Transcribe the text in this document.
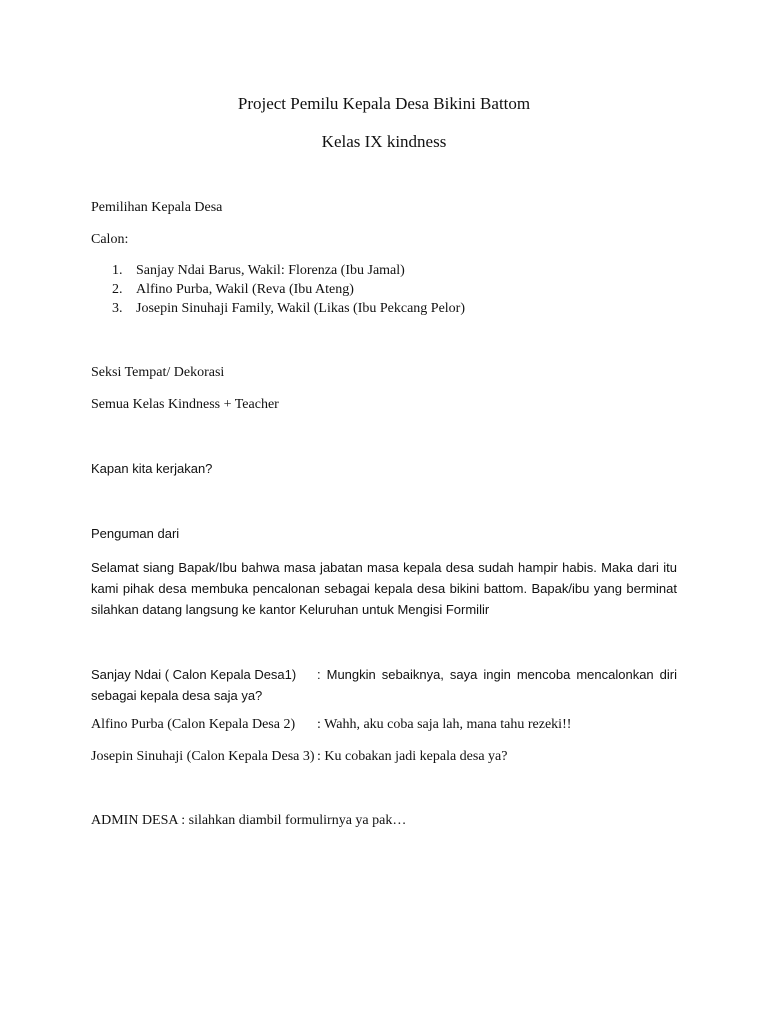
Project Pemilu Kepala Desa Bikini Battom
Kelas IX kindness
Pemilihan Kepala Desa
Calon:
1. Sanjay Ndai Barus, Wakil: Florenza (Ibu Jamal)
2. Alfino Purba, Wakil (Reva (Ibu Ateng)
3. Josepin Sinuhaji Family, Wakil (Likas (Ibu Pekcang Pelor)
Seksi Tempat/ Dekorasi
Semua Kelas Kindness + Teacher
Kapan kita kerjakan?
Penguman dari
Selamat siang Bapak/Ibu bahwa masa jabatan masa kepala desa sudah hampir habis. Maka dari itu kami pihak desa membuka pencalonan sebagai kepala desa bikini battom. Bapak/ibu yang berminat silahkan datang langsung ke kantor Keluruhan untuk Mengisi Formilir
Sanjay Ndai ( Calon Kepala Desa1) : Mungkin sebaiknya, saya ingin mencoba mencalonkan diri sebagai kepala desa saja ya?
Alfino Purba (Calon Kepala Desa 2) : Wahh, aku coba saja lah, mana tahu rezeki!!
Josepin Sinuhaji (Calon Kepala Desa 3) : Ku cobakan jadi kepala desa ya?
ADMIN DESA : silahkan diambil formulirnya ya pak…
